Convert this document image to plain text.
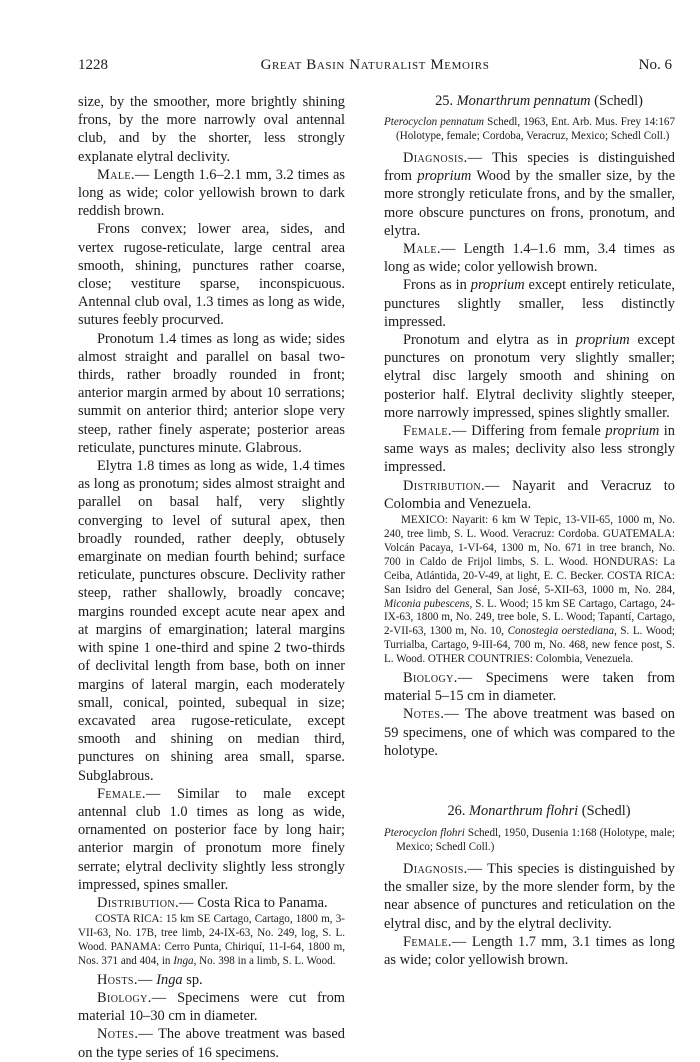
1228	Great Basin Naturalist Memoirs	No. 6

size, by the smoother, more brightly shining frons, by the more narrowly oval antennal club, and by the shorter, less strongly explanate elytral declivity.

Male.— Length 1.6–2.1 mm, 3.2 times as long as wide; color yellowish brown to dark reddish brown.

Frons convex; lower area, sides, and vertex rugose-reticulate, large central area smooth, shining, punctures rather coarse, close; vestiture sparse, inconspicuous. Antennal club oval, 1.3 times as long as wide, sutures feebly procurved.

Pronotum 1.4 times as long as wide; sides almost straight and parallel on basal two-thirds, rather broadly rounded in front; anterior margin armed by about 10 serrations; summit on anterior third; anterior slope very steep, rather finely asperate; posterior areas reticulate, punctures minute. Glabrous.

Elytra 1.8 times as long as wide, 1.4 times as long as pronotum; sides almost straight and parallel on basal half, very slightly converging to level of sutural apex, then broadly rounded, rather deeply, obtusely emarginate on median fourth behind; surface reticulate, punctures obscure. Declivity rather steep, rather shallowly, broadly concave; margins rounded except acute near apex and at margins of emargination; lateral margins with spine 1 one-third and spine 2 two-thirds of declivital length from base, both on inner margins of lateral margin, each moderately small, conical, pointed, subequal in size; excavated area rugose-reticulate, except smooth and shining on median third, punctures on shining area small, sparse. Subglabrous.

Female.— Similar to male except antennal club 1.0 times as long as wide, ornamented on posterior face by long hair; anterior margin of pronotum more finely serrate; elytral declivity slightly less strongly impressed, spines smaller.

Distribution.— Costa Rica to Panama.

COSTA RICA: 15 km SE Cartago, Cartago, 1800 m, 3-VII-63, No. 17B, tree limb, 24-IX-63, No. 249, log, S. L. Wood. PANAMA: Cerro Punta, Chiriquí, 11-I-64, 1800 m, Nos. 371 and 404, in Inga, No. 398 in a limb, S. L. Wood.

Hosts.— Inga sp.

Biology.— Specimens were cut from material 10–30 cm in diameter.

Notes.— The above treatment was based on the type series of 16 specimens.

25. Monarthrum pennatum (Schedl)

Pterocyclon pennatum Schedl, 1963, Ent. Arb. Mus. Frey 14:167 (Holotype, female; Cordoba, Veracruz, Mexico; Schedl Coll.)

Diagnosis.— This species is distinguished from proprium Wood by the smaller size, by the more strongly reticulate frons, and by the smaller, more obscure punctures on frons, pronotum, and elytra.

Male.— Length 1.4–1.6 mm, 3.4 times as long as wide; color yellowish brown.

Frons as in proprium except entirely reticulate, punctures slightly smaller, less distinctly impressed.

Pronotum and elytra as in proprium except punctures on pronotum very slightly smaller; elytral disc largely smooth and shining on posterior half. Elytral declivity slightly steeper, more narrowly impressed, spines slightly smaller.

Female.— Differing from female proprium in same ways as males; declivity also less strongly impressed.

Distribution.— Nayarit and Veracruz to Colombia and Venezuela.

MEXICO: Nayarit: 6 km W Tepic, 13-VII-65, 1000 m, No. 240, tree limb, S. L. Wood. Veracruz: Cordoba. GUATEMALA: Volcán Pacaya, 1-VI-64, 1300 m, No. 671 in tree branch, No. 700 in Caldo de Frijol limbs, S. L. Wood. HONDURAS: La Ceiba, Atlántida, 20-V-49, at light, E. C. Becker. COSTA RICA: San Isidro del General, San José, 5-XII-63, 1000 m, No. 284, Miconia pubescens, S. L. Wood; 15 km SE Cartago, Cartago, 24-IX-63, 1800 m, No. 249, tree bole, S. L. Wood; Tapantí, Cartago, 2-VII-63, 1300 m, No. 10, Conostegia oerstediana, S. L. Wood; Turrialba, Cartago, 9-III-64, 700 m, No. 468, new fence post, S. L. Wood. OTHER COUNTRIES: Colombia, Venezuela.

Biology.— Specimens were taken from material 5–15 cm in diameter.

Notes.— The above treatment was based on 59 specimens, one of which was compared to the holotype.

26. Monarthrum flohri (Schedl)

Pterocyclon flohri Schedl, 1950, Dusenia 1:168 (Holotype, male; Mexico; Schedl Coll.)

Diagnosis.— This species is distinguished by the smaller size, by the more slender form, by the near absence of punctures and reticulation on the elytral disc, and by the elytral declivity.

Female.— Length 1.7 mm, 3.1 times as long as wide; color yellowish brown.
